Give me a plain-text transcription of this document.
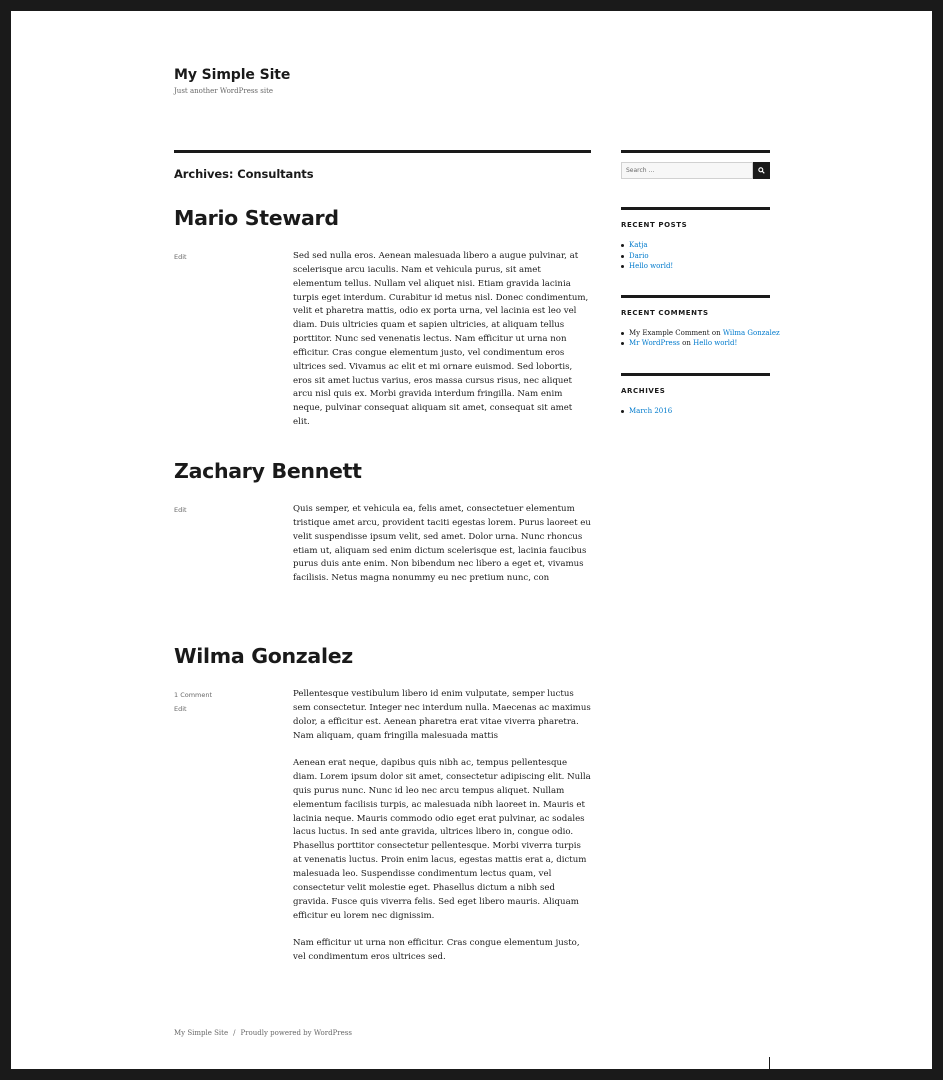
My Simple Site
Just another WordPress site
Archives: Consultants
Mario Steward
Edit	Sed sed nulla eros. Aenean malesuada libero a augue pulvinar, at scelerisque arcu iaculis. Nam et vehicula purus, sit amet elementum tellus. Nullam vel aliquet nisi. Etiam gravida lacinia turpis eget interdum. Curabitur id metus nisl. Donec condimentum, velit et pharetra mattis, odio ex porta urna, vel lacinia est leo vel diam. Duis ultricies quam et sapien ultricies, at aliquam tellus porttitor. Nunc sed venenatis lectus. Nam efficitur ut urna non efficitur. Cras congue elementum justo, vel condimentum eros ultrices sed. Vivamus ac elit et mi ornare euismod. Sed lobortis, eros sit amet luctus varius, eros massa cursus risus, nec aliquet arcu nisl quis ex. Morbi gravida interdum fringilla. Nam enim neque, pulvinar consequat aliquam sit amet, consequat sit amet elit.

Zachary Bennett
Edit	Quis semper, et vehicula ea, felis amet, consectetuer elementum tristique amet arcu, provident taciti egestas lorem. Purus laoreet eu velit suspendisse ipsum velit, sed amet. Dolor urna. Nunc rhoncus etiam ut, aliquam sed enim dictum scelerisque est, lacinia faucibus purus duis ante enim. Non bibendum nec libero a eget et, vivamus facilisis. Netus magna nonummy eu nec pretium nunc, con

Wilma Gonzalez
1 Comment
Edit

Pellentesque vestibulum libero id enim vulputate, semper luctus sem consectetur. Integer nec interdum nulla. Maecenas ac maximus dolor, a efficitur est. Aenean pharetra erat vitae viverra pharetra. Nam aliquam, quam fringilla malesuada mattis

Aenean erat neque, dapibus quis nibh ac, tempus pellentesque diam. Lorem ipsum dolor sit amet, consectetur adipiscing elit. Nulla quis purus nunc. Nunc id leo nec arcu tempus aliquet. Nullam elementum facilisis turpis, ac malesuada nibh laoreet in. Mauris et lacinia neque. Mauris commodo odio eget erat pulvinar, ac sodales lacus luctus. In sed ante gravida, ultrices libero in, congue odio. Phasellus porttitor consectetur pellentesque. Morbi viverra turpis at venenatis luctus. Proin enim lacus, egestas mattis erat a, dictum malesuada leo. Suspendisse condimentum lectus quam, vel consectetur velit molestie eget. Phasellus dictum a nibh sed gravida. Fusce quis viverra felis. Sed eget libero mauris. Aliquam efficitur eu lorem nec dignissim.

Nam efficitur ut urna non efficitur. Cras congue elementum justo, vel condimentum eros ultrices sed.

Search …
RECENT POSTS
Katja
Dario
Hello world!
RECENT COMMENTS
My Example Comment on Wilma Gonzalez
Mr WordPress on Hello world!
ARCHIVES
March 2016
My Simple Site / Proudly powered by WordPress
